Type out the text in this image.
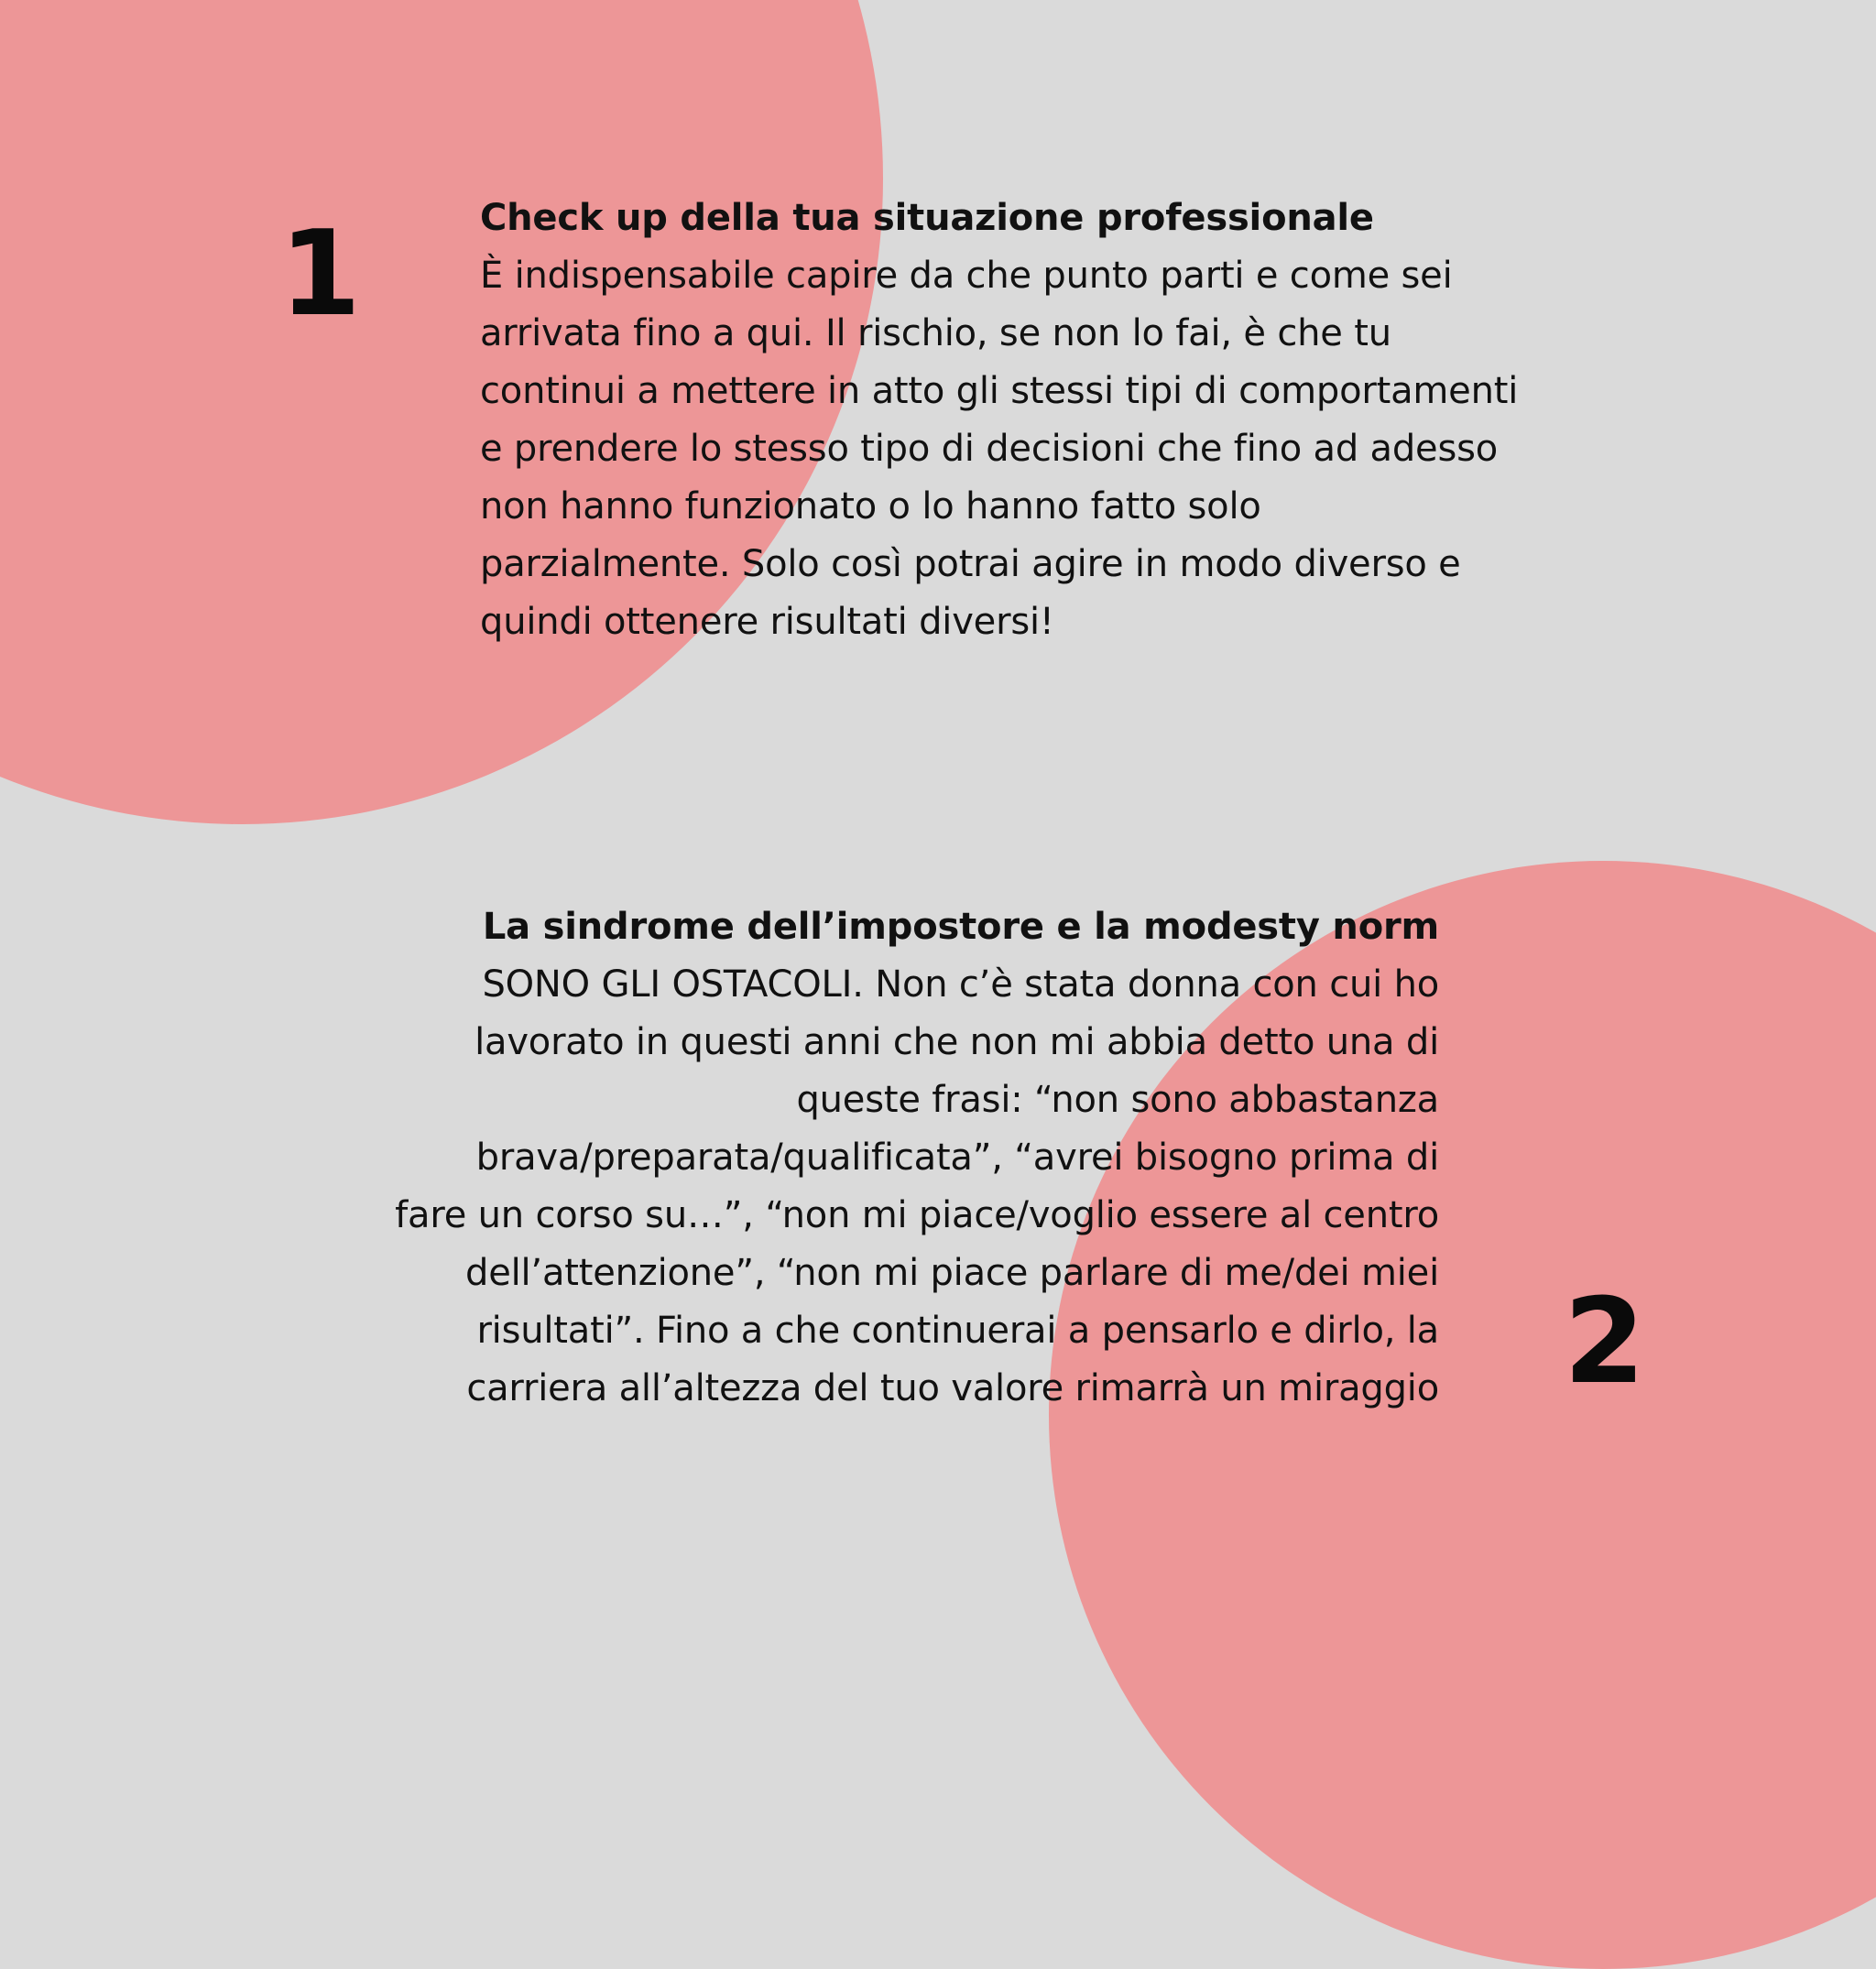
1	Check up della tua situazione professionale
È indispensabile capire da che punto parti e come sei
arrivata fino a qui. Il rischio, se non lo fai, è che tu
continui a mettere in atto gli stessi tipi di comportamenti
e prendere lo stesso tipo di decisioni che fino ad adesso
non hanno funzionato o lo hanno fatto solo
parzialmente. Solo così potrai agire in modo diverso e
quindi ottenere risultati diversi!
La sindrome dell’impostore e la modesty norm
SONO GLI OSTACOLI. Non c’è stata donna con cui ho
lavorato in questi anni che non mi abbia detto una di
queste frasi: “non sono abbastanza
brava/preparata/qualificata”, “avrei bisogno prima di
fare un corso su…”, “non mi piace/voglio essere al centro
dell’attenzione”, “non mi piace parlare di me/dei miei
risultati”. Fino a che continuerai a pensarlo e dirlo, la
carriera all’altezza del tuo valore rimarrà un miraggio 2
